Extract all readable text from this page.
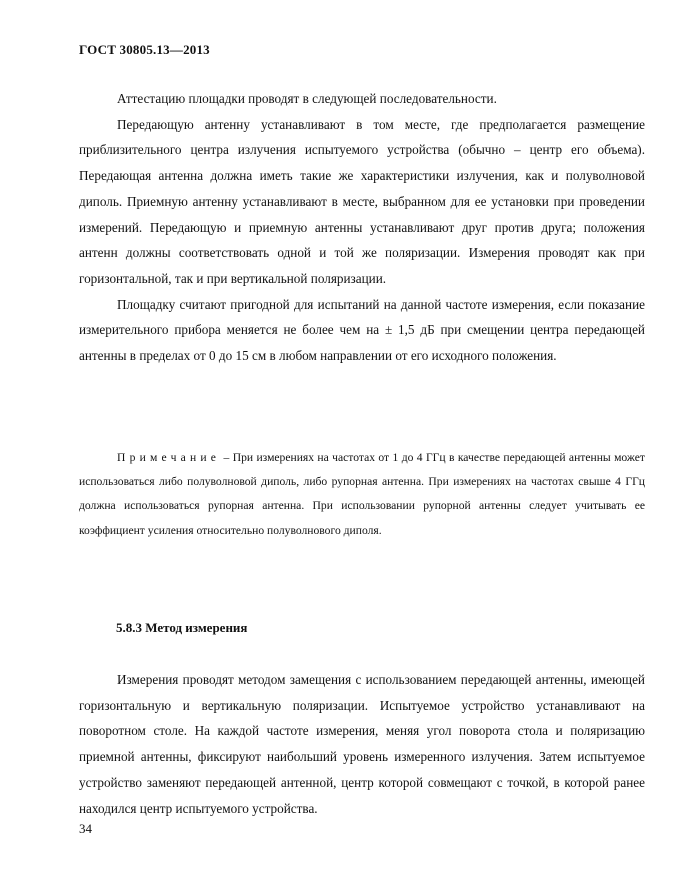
ГОСТ 30805.13—2013

Аттестацию площадки проводят в следующей последовательности.

Передающую антенну устанавливают в том месте, где предполагается размещение приблизительного центра излучения испытуемого устройства (обычно – центр его объема). Передающая антенна должна иметь такие же характеристики излучения, как и полуволновой диполь. Приемную антенну устанавливают в месте, выбранном для ее установки при проведении измерений. Передающую и приемную антенны устанавливают друг против друга; положения антенн должны соответствовать одной и той же поляризации. Измерения проводят как при горизонтальной, так и при вертикальной поляризации.

Площадку считают пригодной для испытаний на данной частоте измерения, если показание измерительного прибора меняется не более чем на ± 1,5 дБ при смещении центра передающей антенны в пределах от 0 до 15 см в любом направлении от его исходного положения.

Примечание – При измерениях на частотах от 1 до 4 ГГц в качестве передающей антенны может использоваться либо полуволновой диполь, либо рупорная антенна. При измерениях на частотах свыше 4 ГГц должна использоваться рупорная антенна. При использовании рупорной антенны следует учитывать ее коэффициент усиления относительно полуволнового диполя.

5.8.3 Метод измерения

Измерения проводят методом замещения с использованием передающей антенны, имеющей горизонтальную и вертикальную поляризации. Испытуемое устройство устанавливают на поворотном столе. На каждой частоте измерения, меняя угол поворота стола и поляризацию приемной антенны, фиксируют наибольший уровень измеренного излучения. Затем испытуемое устройство заменяют передающей антенной, центр которой совмещают с точкой, в которой ранее находился центр испытуемого устройства.

34
